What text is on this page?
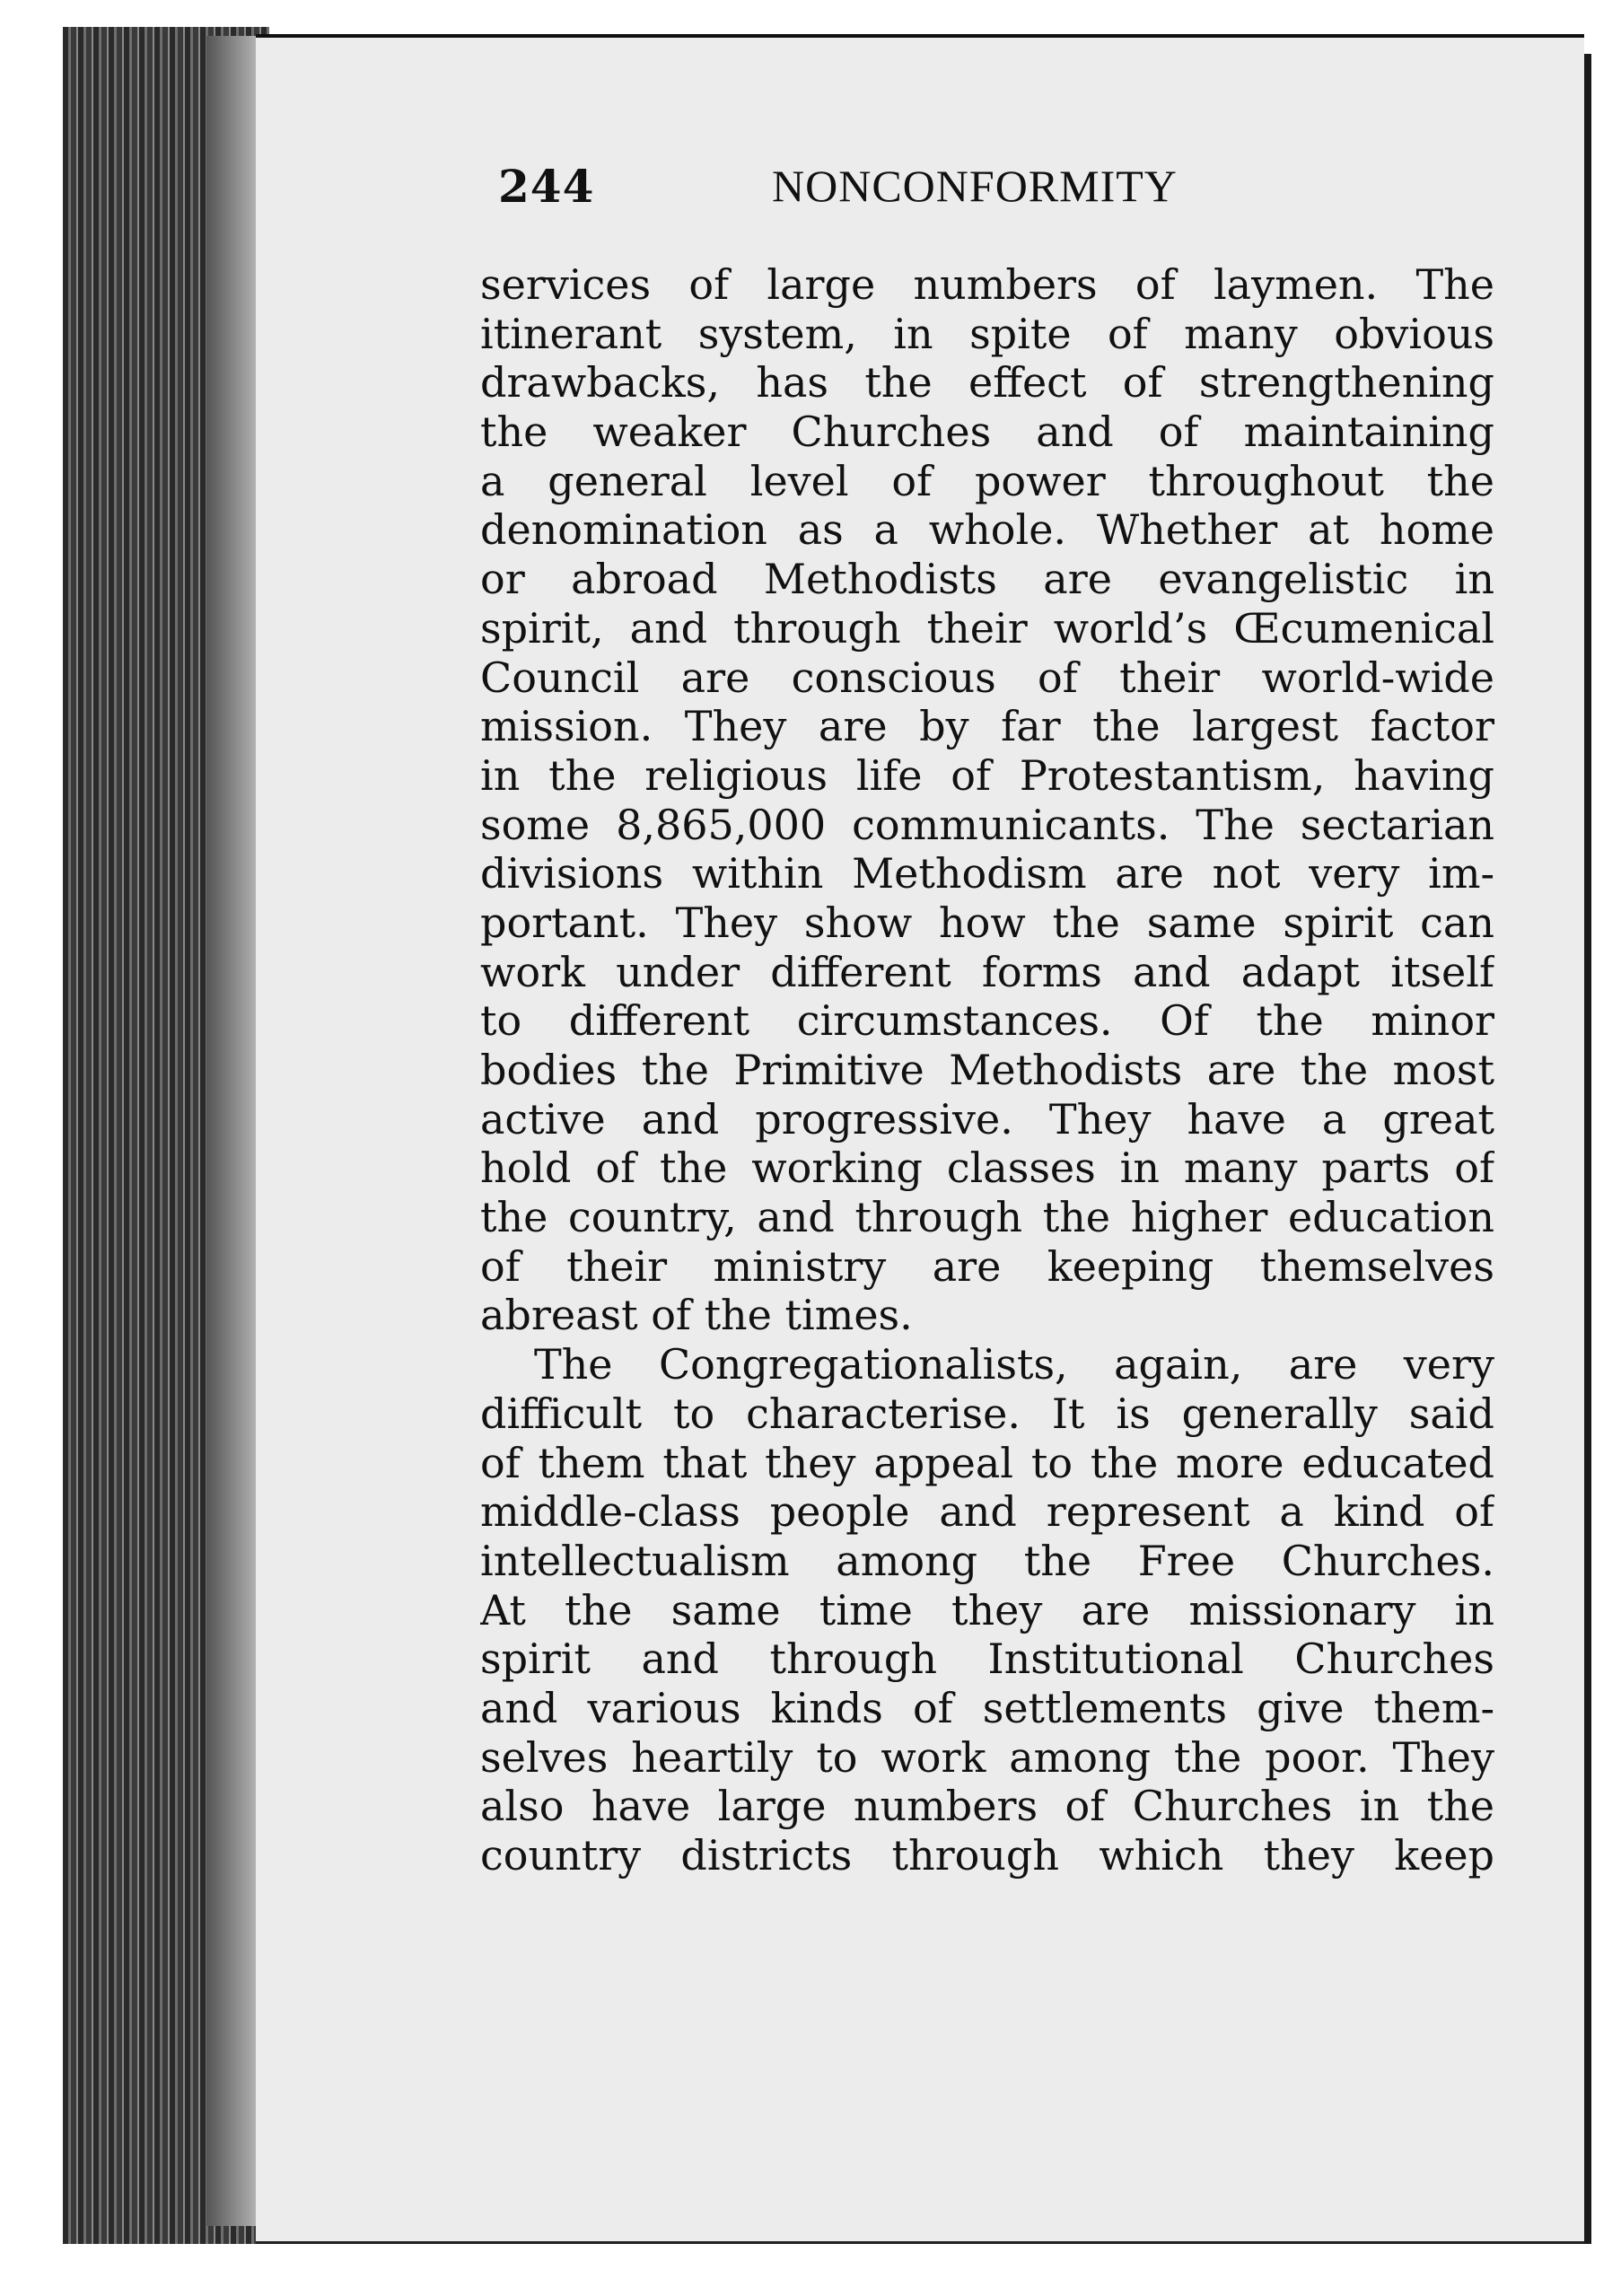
244	NONCONFORMITY
services of large numbers of laymen. The
itinerant system, in spite of many obvious
drawbacks, has the effect of strengthening
the weaker Churches and of maintaining
a general level of power throughout the
denomination as a whole. Whether at home
or abroad Methodists are evangelistic in
spirit, and through their world’s Œcumenical
Council are conscious of their world-wide
mission. They are by far the largest factor
in the religious life of Protestantism, having
some 8,865,000 communicants. The sectarian
divisions within Methodism are not very im-
portant. They show how the same spirit can
work under different forms and adapt itself
to different circumstances. Of the minor
bodies the Primitive Methodists are the most
active and progressive. They have a great
hold of the working classes in many parts of
the country, and through the higher education
of their ministry are keeping themselves
abreast of the times.
The Congregationalists, again, are very
difficult to characterise. It is generally said
of them that they appeal to the more educated
middle-class people and represent a kind of
intellectualism among the Free Churches.
At the same time they are missionary in
spirit and through Institutional Churches
and various kinds of settlements give them-
selves heartily to work among the poor. They
also have large numbers of Churches in the
country districts through which they keep
